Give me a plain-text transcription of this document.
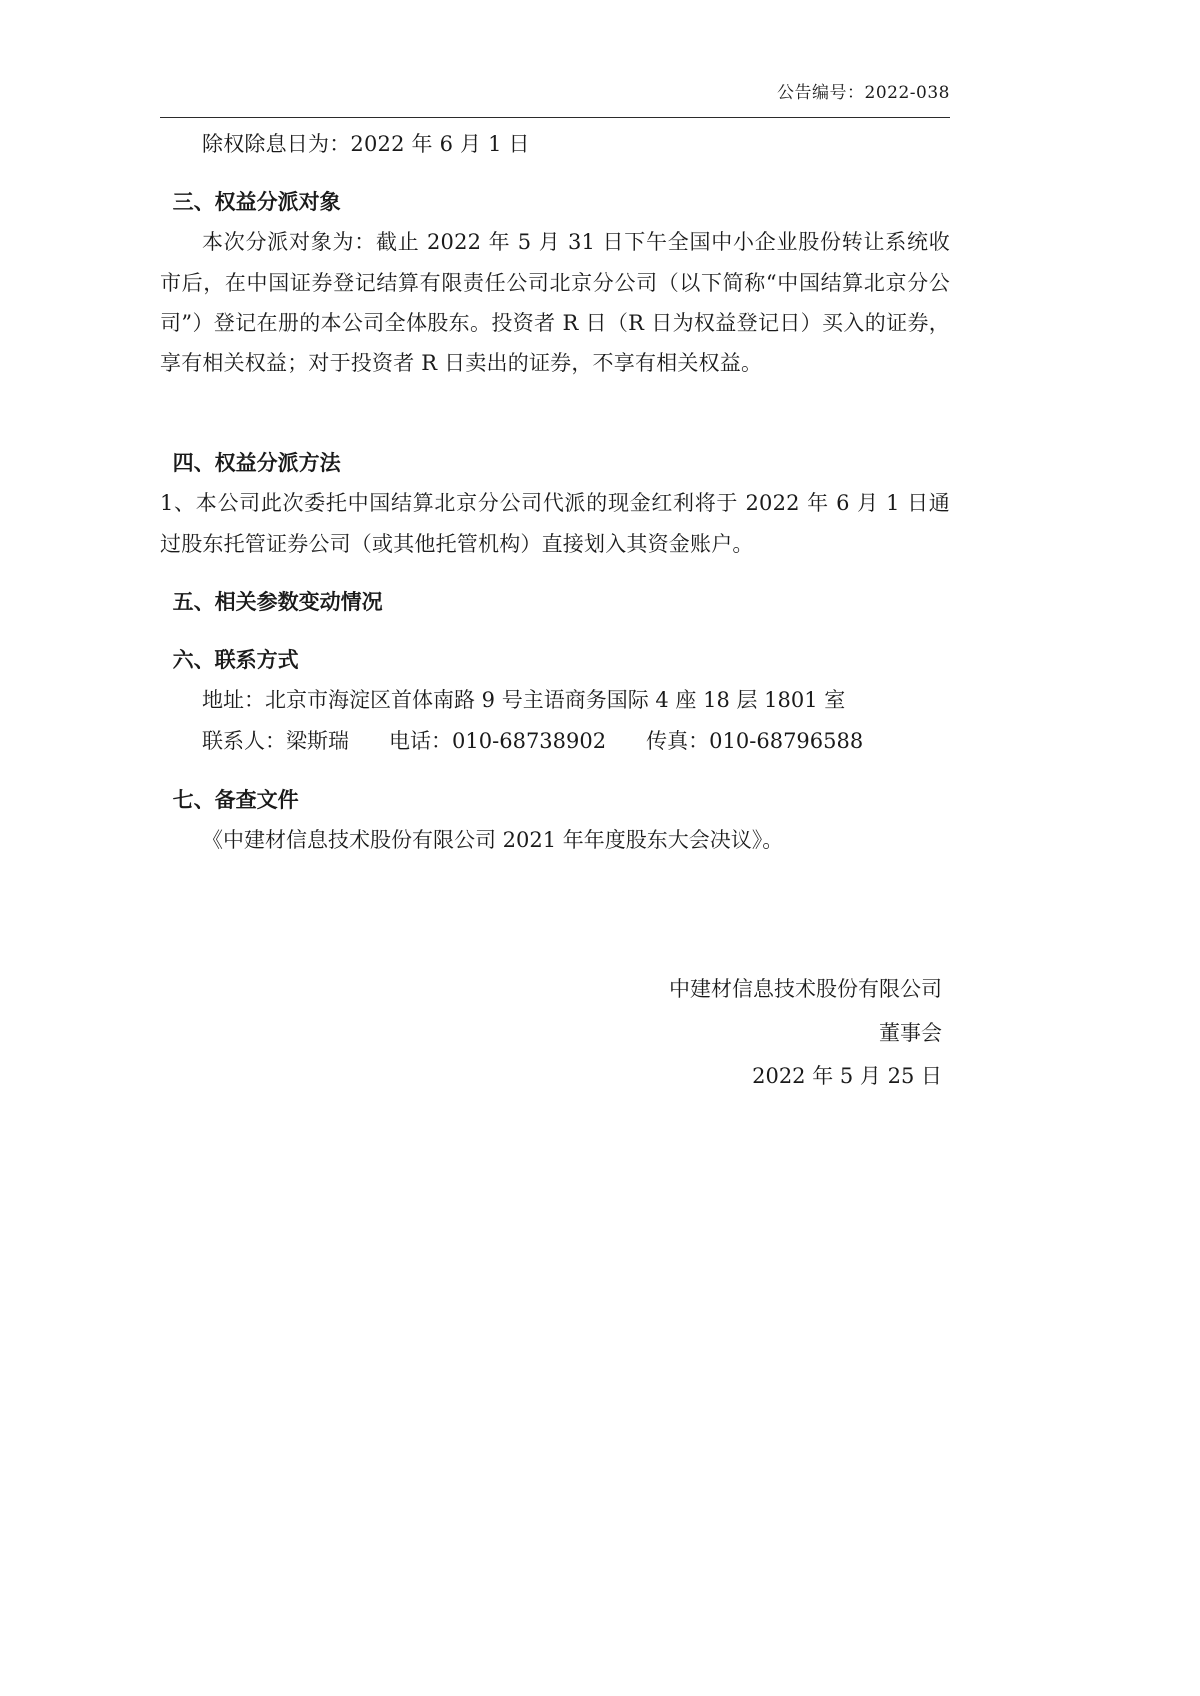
公告编号：2022-038
除权除息日为：2022 年 6 月 1 日
三、权益分派对象
本次分派对象为：截止 2022 年 5 月 31 日下午全国中小企业股份转让系统收市后，在中国证券登记结算有限责任公司北京分公司（以下简称“中国结算北京分公司”）登记在册的本公司全体股东。投资者 R 日（R 日为权益登记日）买入的证券，享有相关权益；对于投资者 R 日卖出的证券，不享有相关权益。
四、权益分派方法
1、本公司此次委托中国结算北京分公司代派的现金红利将于 2022 年 6 月 1 日通过股东托管证券公司（或其他托管机构）直接划入其资金账户。
五、相关参数变动情况
六、联系方式
地址：北京市海淀区首体南路 9 号主语商务国际 4 座 18 层 1801 室
联系人：梁斯瑞      电话：010-68738902      传真：010-68796588
七、备查文件
《中建材信息技术股份有限公司 2021 年年度股东大会决议》。
中建材信息技术股份有限公司
董事会
2022 年 5 月 25 日
